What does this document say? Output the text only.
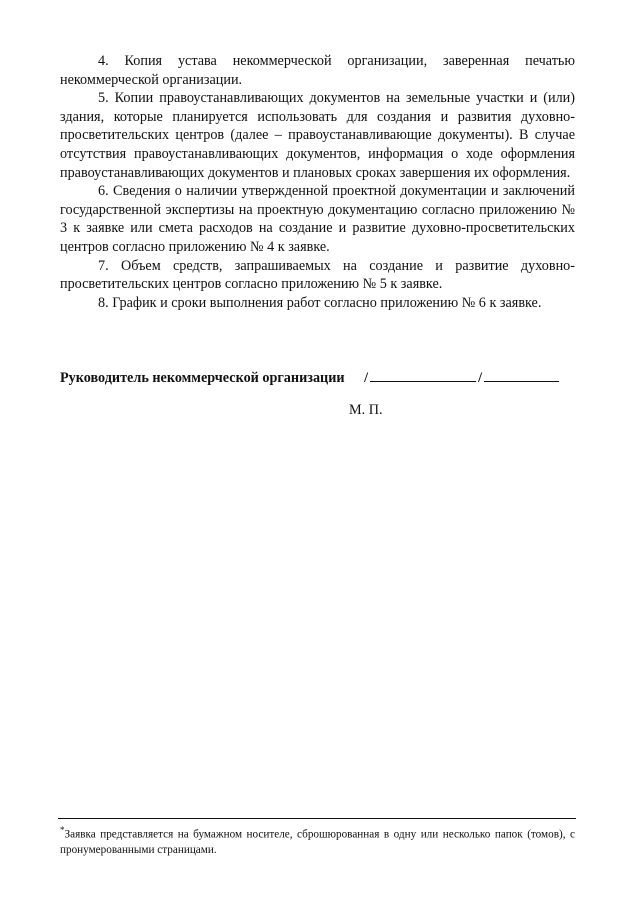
4. Копия устава некоммерческой организации, заверенная печатью некоммерческой организации.

5. Копии правоустанавливающих документов на земельные участки и (или) здания, которые планируется использовать для создания и развития духовно-просветительских центров (далее – правоустанавливающие документы). В случае отсутствия правоустанавливающих документов, информация о ходе оформления правоустанавливающих документов и плановых сроках завершения их оформления.

6. Сведения о наличии утвержденной проектной документации и заключений государственной экспертизы на проектную документацию согласно приложению № 3 к заявке или смета расходов на создание и развитие духовно-просветительских центров согласно приложению № 4 к заявке.

7. Объем средств, запрашиваемых на создание и развитие духовно-просветительских центров согласно приложению № 5 к заявке.

8. График и сроки выполнения работ согласно приложению № 6 к заявке.

Руководитель некоммерческой организации /	/
М. П.
*Заявка представляется на бумажном носителе, сброшюрованная в одну или несколько папок (томов), с пронумерованными страницами.
